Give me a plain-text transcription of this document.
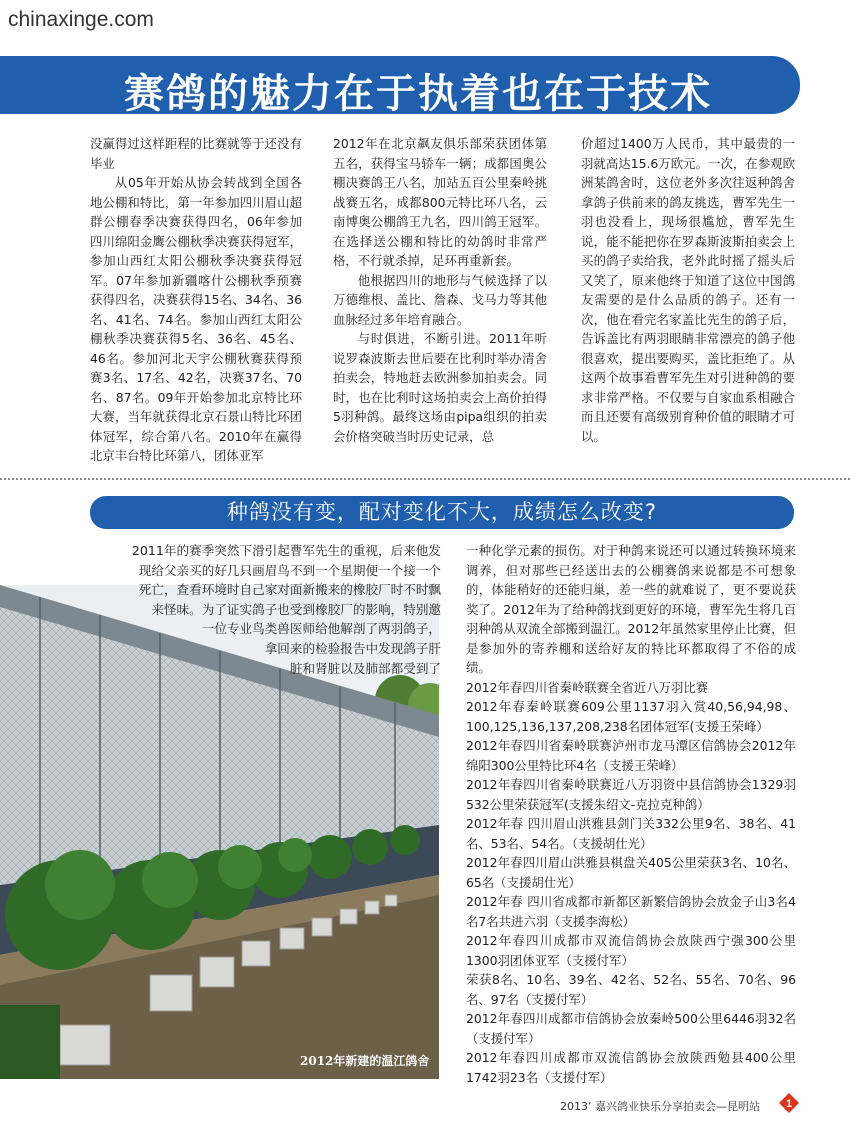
chinaxinge.com
赛鸽的魅力在于执着也在于技术

没赢得过这样距程的比赛就等于还没有毕业

从05年开始从协会转战到全国各地公棚和特比，第一年参加四川眉山超群公棚春季决赛获得四名，06年参加四川绵阳金鹰公棚秋季决赛获得冠军，参加山西红太阳公棚秋季决赛获得冠军。07年参加新疆喀什公棚秋季预赛获得四名，决赛获得15名、34名、36名、41名、74名。参加山西红太阳公棚秋季决赛获得5名、36名、45名、46名。参加河北天宇公棚秋赛获得预赛3名、17名、42名，决赛37名、70名、87名。09年开始参加北京特比环大赛，当年就获得北京石景山特比环团体冠军，综合第八名。2010年在赢得北京丰台特比环第八，团体亚军

2012年在北京飙友俱乐部荣获团体第五名，获得宝马轿车一辆；成都国奥公棚决赛鸽王八名，加站五百公里秦岭挑战赛五名，成都800元特比环八名，云南博奥公棚鸽王九名，四川鸽王冠军。在选择送公棚和特比的幼鸽时非常严格，不行就杀掉，足环再重新套。

他根据四川的地形与气候选择了以万德维根、盖比、詹森、戈马力等其他血脉经过多年培育融合。

与时俱进，不断引进。2011年听说罗森波斯去世后要在比利时举办清舍拍卖会，特地赶去欧洲参加拍卖会。同时，也在比利时这场拍卖会上高价拍得5羽种鸽。最终这场由pipa组织的拍卖会价格突破当时历史记录，总

价超过1400万人民币，其中最贵的一羽就高达15.6万欧元。一次，在参观欧洲某鸽舍时，这位老外多次往返种鸽舍拿鸽子供前来的鸽友挑选，曹军先生一羽也没看上，现场很尴尬，曹军先生说，能不能把你在罗森斯波斯拍卖会上买的鸽子卖给我，老外此时摇了摇头后又笑了，原来他终于知道了这位中国鸽友需要的是什么品质的鸽子。还有一次，他在看完名家盖比先生的鸽子后，告诉盖比有两羽眼睛非常漂亮的鸽子他很喜欢，提出要购买，盖比拒绝了。从这两个故事看曹军先生对引进种鸽的要求非常严格。不仅要与自家血系相融合而且还要有高级别育种价值的眼睛才可以。

种鸽没有变，配对变化不大，成绩怎么改变?
2012年新建的温江鸽舍
2011年的赛季突然下滑引起曹军先生的重视，后来他发
现给父亲买的好几只画眉鸟不到一个星期便一个接一个
死亡，查看环境时自己家对面新搬来的橡胶厂时不时飘
来怪味。为了证实鸽子也受到橡胶厂的影响，特别邀
一位专业鸟类兽医师给他解剖了两羽鸽子，
拿回来的检验报告中发现鸽子肝
脏和肾脏以及肺部都受到了

一种化学元素的损伤。对于种鸽来说还可以通过转换环境来调养，但对那些已经送出去的公棚赛鸽来说都是不可想象的，体能稍好的还能归巢，差一些的就难说了，更不要说获奖了。2012年为了给种鸽找到更好的环境，曹军先生将几百羽种鸽从双流全部搬到温江。2012年虽然家里停止比赛，但是参加外的寄养棚和送给好友的特比环都取得了不俗的成绩。

2012年春四川省秦岭联赛全省近八万羽比赛

2012年春秦岭联赛609公里1137羽入赏40,56,94,98、100,125,136,137,208,238名团体冠军(支援王荣峰）

2012年春四川省秦岭联赛泸州市龙马潭区信鸽协会2012年绵阳300公里特比环4名（支援王荣峰）

2012年春四川省秦岭联赛近八万羽资中县信鸽协会1329羽532公里荣获冠军(支援朱绍文-克拉克种鸽）

2012年春 四川眉山洪雅县剑门关332公里9名、38名、41名、53名、54名。（支援胡仕光）

2012年春四川眉山洪雅县棋盘关405公里荣获3名、10名、65名（支援胡仕光）

2012年春 四川省成都市新都区新繁信鸽协会放金子山3名4名7名共进六羽（支援李海松）

2012年春四川成都市双流信鸽协会放陕西宁强300公里1300羽团体亚军（支援付军）

荣获8名、10名、39名、42名、52名、55名、70名、96名、97名（支援付军）

2012年春四川成都市信鸽协会放秦岭500公里6446羽32名（支援付军）

2012年春四川成都市双流信鸽协会放陕西勉县400公里1742羽23名（支援付军）

2013’ 嘉兴鸽业快乐分享拍卖会—昆明站 1
